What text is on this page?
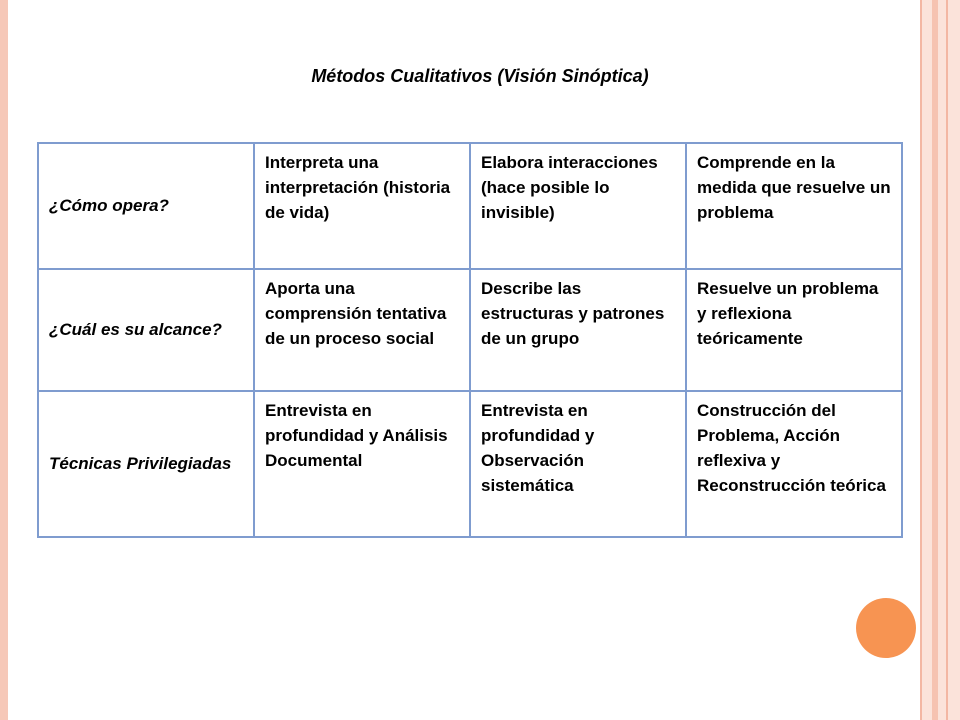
Métodos Cualitativos (Visión Sinóptica)
¿Cómo opera?	Interpreta una interpretación (historia de vida)	Elabora interacciones (hace posible lo invisible)	Comprende en la medida que resuelve un problema
¿Cuál es su alcance?	Aporta una comprensión tentativa de un proceso social	Describe las estructuras y patrones de un grupo	Resuelve un problema y reflexiona teóricamente
Técnicas Privilegiadas	Entrevista en profundidad y Análisis Documental	Entrevista en profundidad y Observación sistemática	Construcción del Problema, Acción reflexiva y Reconstrucción teórica
